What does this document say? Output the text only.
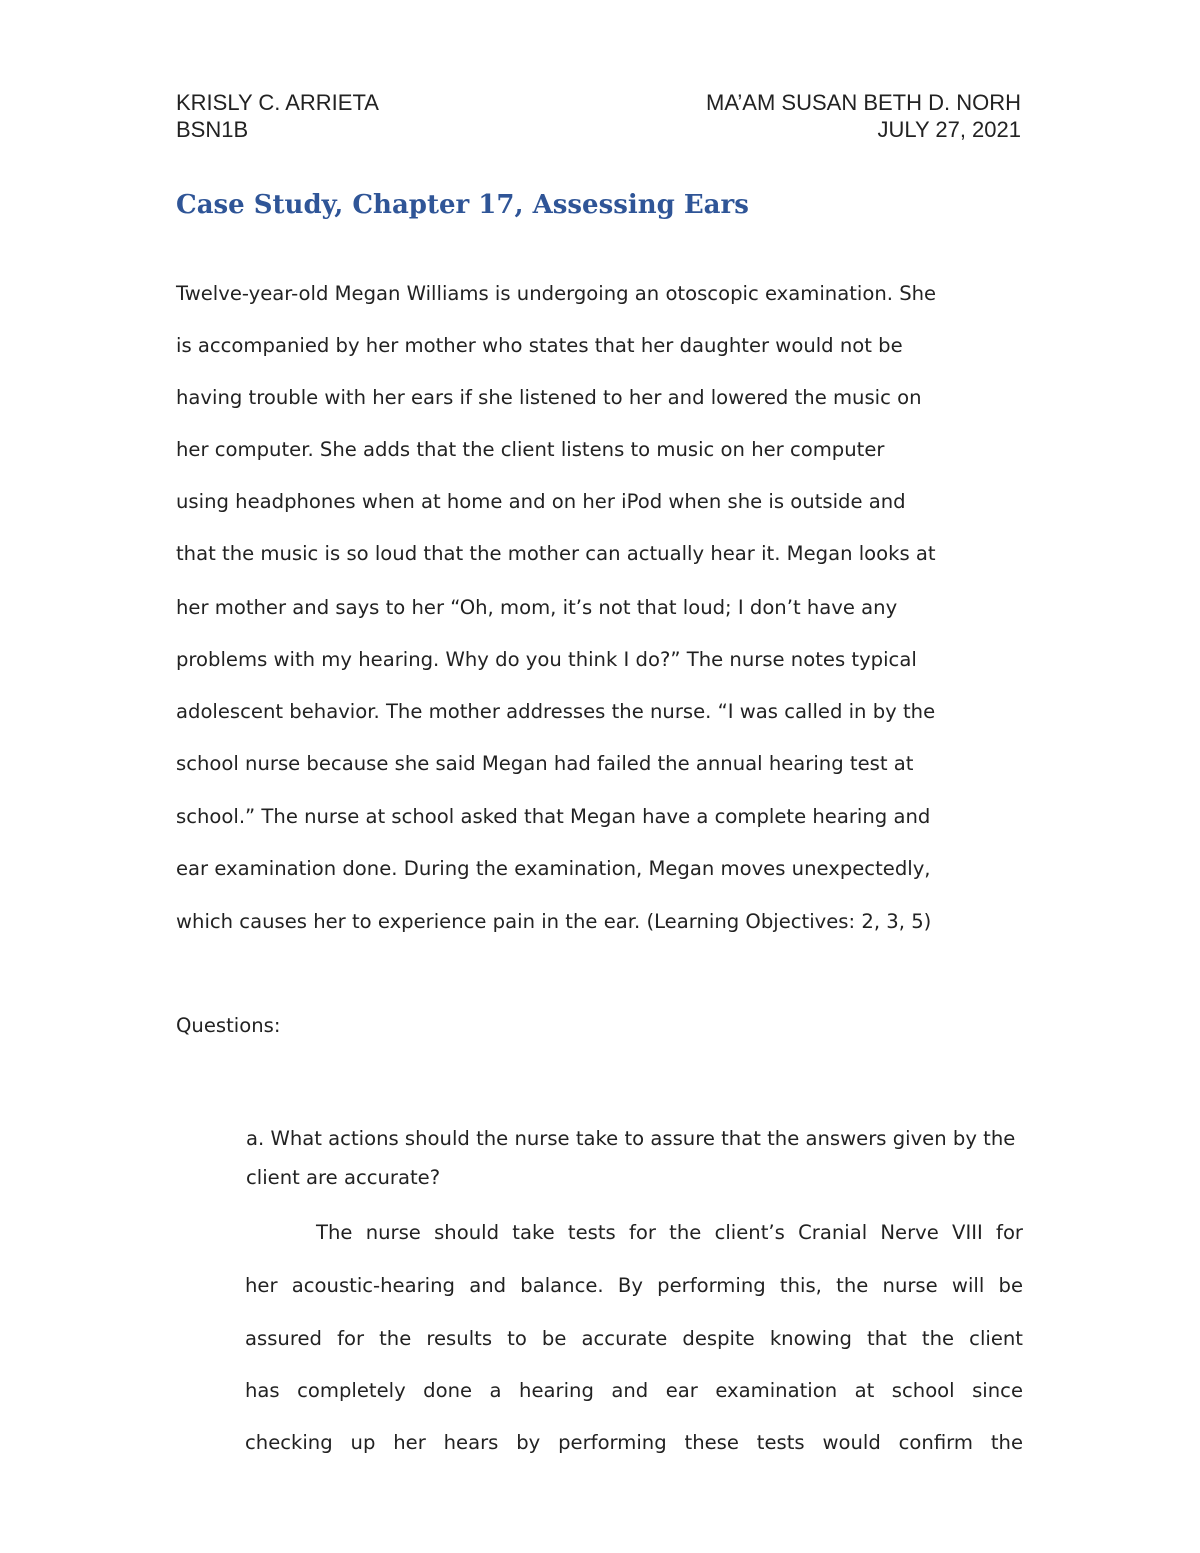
KRISLY C. ARRIETA
BSN1B
MA’AM SUSAN BETH D. NORH
JULY 27, 2021
Case Study, Chapter 17, Assessing Ears
Twelve-year-old Megan Williams is undergoing an otoscopic examination. She
is accompanied by her mother who states that her daughter would not be
having trouble with her ears if she listened to her and lowered the music on
her computer. She adds that the client listens to music on her computer
using headphones when at home and on her iPod when she is outside and
that the music is so loud that the mother can actually hear it. Megan looks at
her mother and says to her “Oh, mom, it’s not that loud; I don’t have any
problems with my hearing. Why do you think I do?” The nurse notes typical
adolescent behavior. The mother addresses the nurse. “I was called in by the
school nurse because she said Megan had failed the annual hearing test at
school.” The nurse at school asked that Megan have a complete hearing and
ear examination done. During the examination, Megan moves unexpectedly,
which causes her to experience pain in the ear. (Learning Objectives: 2, 3, 5)
Questions:
a. What actions should the nurse take to assure that the answers given by the client are accurate?
The nurse should take tests for the client’s Cranial Nerve VIII for
her acoustic-hearing and balance. By performing this, the nurse will be
assured for the results to be accurate despite knowing that the client
has completely done a hearing and ear examination at school since
checking up her hears by performing these tests would confirm the
